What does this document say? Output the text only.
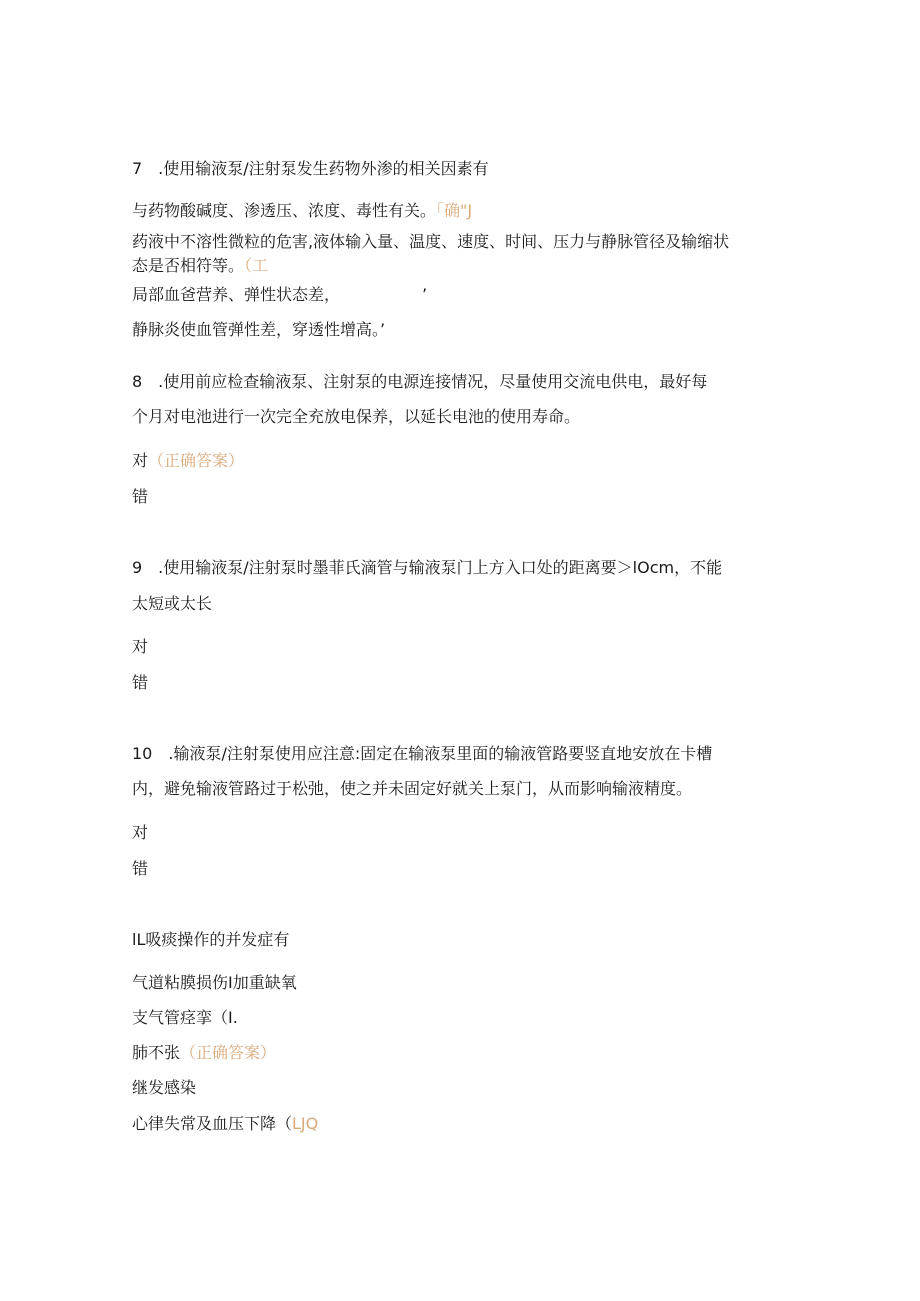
7　.使用输液泵/注射泵发生药物外渗的相关因素有

与药物酸碱度、渗透压、浓度、毒性有关。「确"J

药液中不溶性微粒的危害,液体输入量、温度、速度、时间、压力与静脉管径及输缩状

态是否相符等。（工

局部血爸营养、弹性状态差，	’

静脉炎使血管弹性差，穿透性增高。’

8　.使用前应检查输液泵、注射泵的电源连接情况，尽量使用交流电供电，最好每

个月对电池进行一次完全充放电保养，以延长电池的使用寿命。

对（正确答案）

错

9　.使用输液泵/注射泵时墨菲氏滴管与输液泵门上方入口处的距离要＞lOcm，不能

太短或太长

对

错

10　.输液泵/注射泵使用应注意:固定在输液泵里面的输液管路要竖直地安放在卡槽

内，避免输液管路过于松弛，使之并未固定好就关上泵门，从而影响输液精度。

对

错

lL吸痰操作的并发症有

气道粘膜损伤I加重缺氧

支气管痉挛（I.

肺不张（正确答案）

继发感染

心律失常及血压下降（LJQ
